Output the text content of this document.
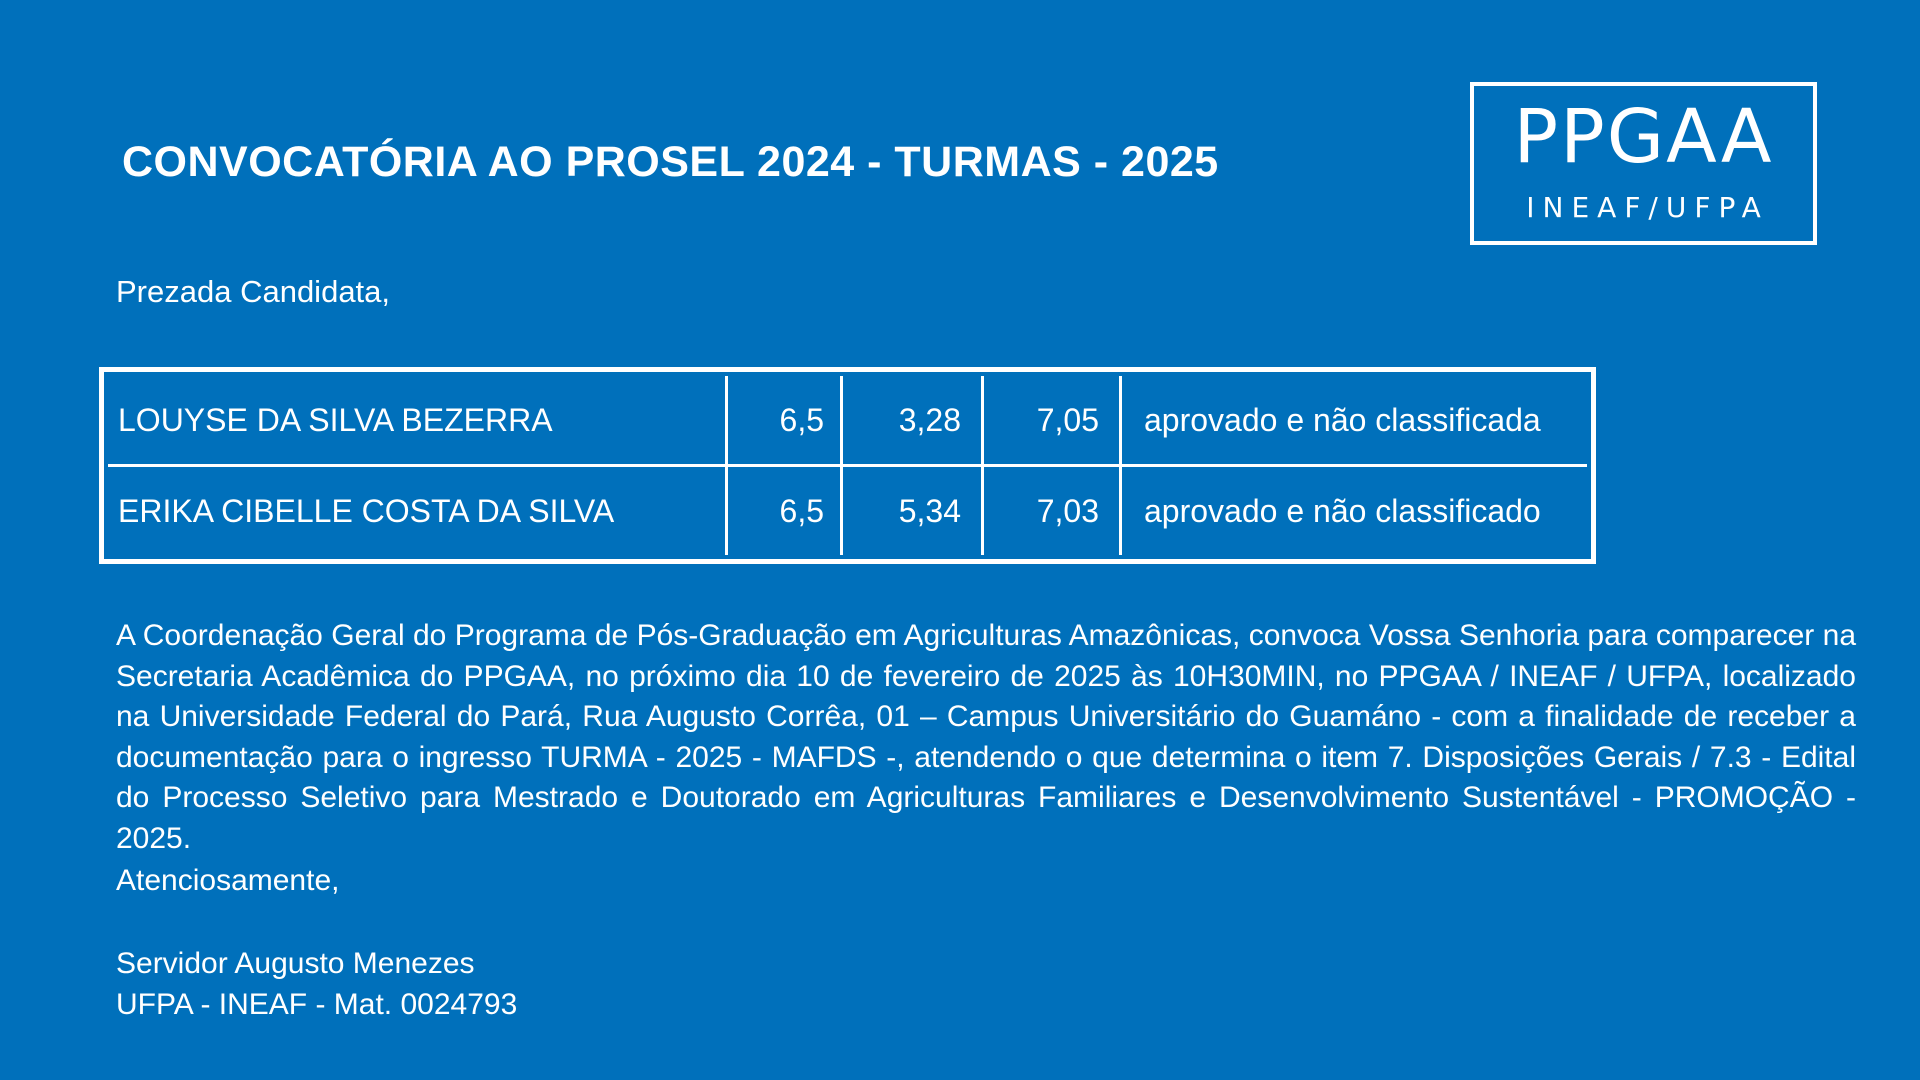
CONVOCATÓRIA AO PROSEL 2024 - TURMAS - 2025	PPGAA
INEAF/UFPA
Prezada Candidata,
LOUYSE DA SILVA BEZERRA	6,5	3,28	7,05	aprovado e não classificada
ERIKA CIBELLE COSTA DA SILVA	6,5	5,34	7,03	aprovado e não classificado
A Coordenação Geral do Programa de Pós-Graduação em Agriculturas Amazônicas, convoca Vossa Senhoria para comparecer na Secretaria Acadêmica do PPGAA, no próximo dia 10 de fevereiro de 2025 às 10H30MIN, no PPGAA / INEAF / UFPA, localizado na Universidade Federal do Pará, Rua Augusto Corrêa, 01 – Campus Universitário do Guamáno - com a finalidade de receber a documentação para o ingresso TURMA - 2025 - MAFDS -, atendendo o que determina o item 7. Disposições Gerais / 7.3 - Edital do Processo Seletivo para Mestrado e Doutorado em Agriculturas Familiares e Desenvolvimento Sustentável - PROMOÇÃO - 2025.
Atenciosamente,
Servidor Augusto Menezes
UFPA - INEAF - Mat. 0024793
